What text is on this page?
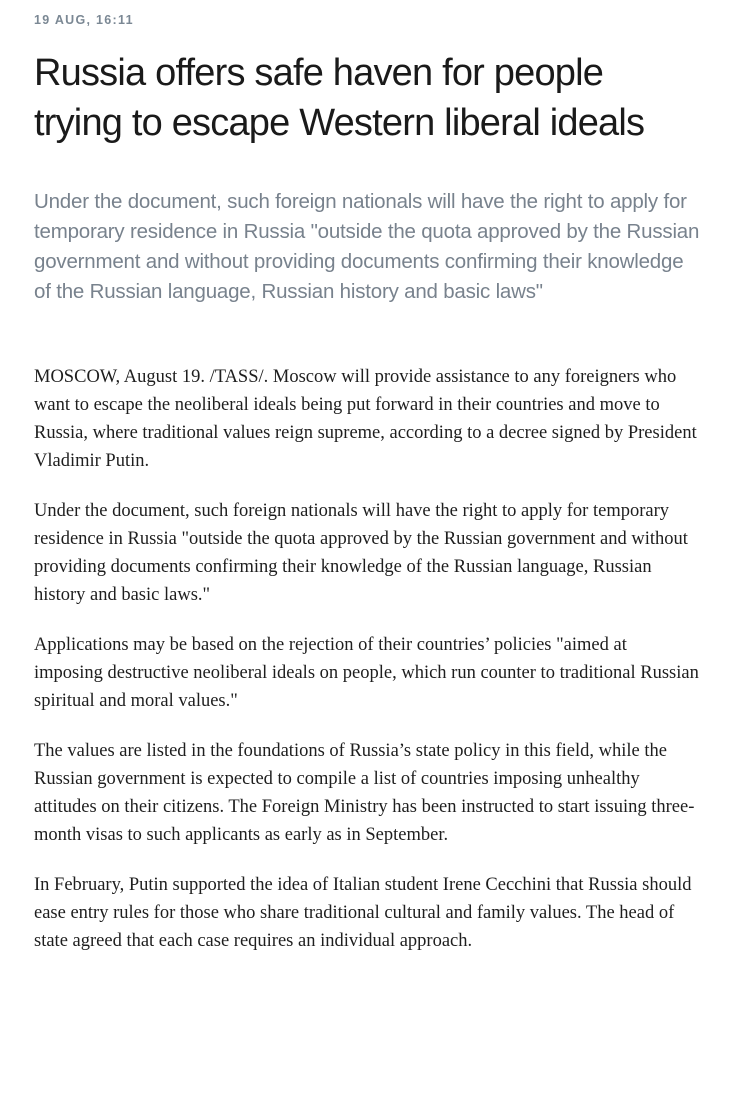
19 AUG, 16:11
Russia offers safe haven for people trying to escape Western liberal ideals
Under the document, such foreign nationals will have the right to apply for temporary residence in Russia "outside the quota approved by the Russian government and without providing documents confirming their knowledge of the Russian language, Russian history and basic laws"

MOSCOW, August 19. /TASS/. Moscow will provide assistance to any foreigners who want to escape the neoliberal ideals being put forward in their countries and move to Russia, where traditional values reign supreme, according to a decree signed by President Vladimir Putin.

Under the document, such foreign nationals will have the right to apply for temporary residence in Russia "outside the quota approved by the Russian government and without providing documents confirming their knowledge of the Russian language, Russian history and basic laws."

Applications may be based on the rejection of their countries’ policies "aimed at imposing destructive neoliberal ideals on people, which run counter to traditional Russian spiritual and moral values."

The values are listed in the foundations of Russia’s state policy in this field, while the Russian government is expected to compile a list of countries imposing unhealthy attitudes on their citizens. The Foreign Ministry has been instructed to start issuing three-month visas to such applicants as early as in September.

In February, Putin supported the idea of Italian student Irene Cecchini that Russia should ease entry rules for those who share traditional cultural and family values. The head of state agreed that each case requires an individual approach.
